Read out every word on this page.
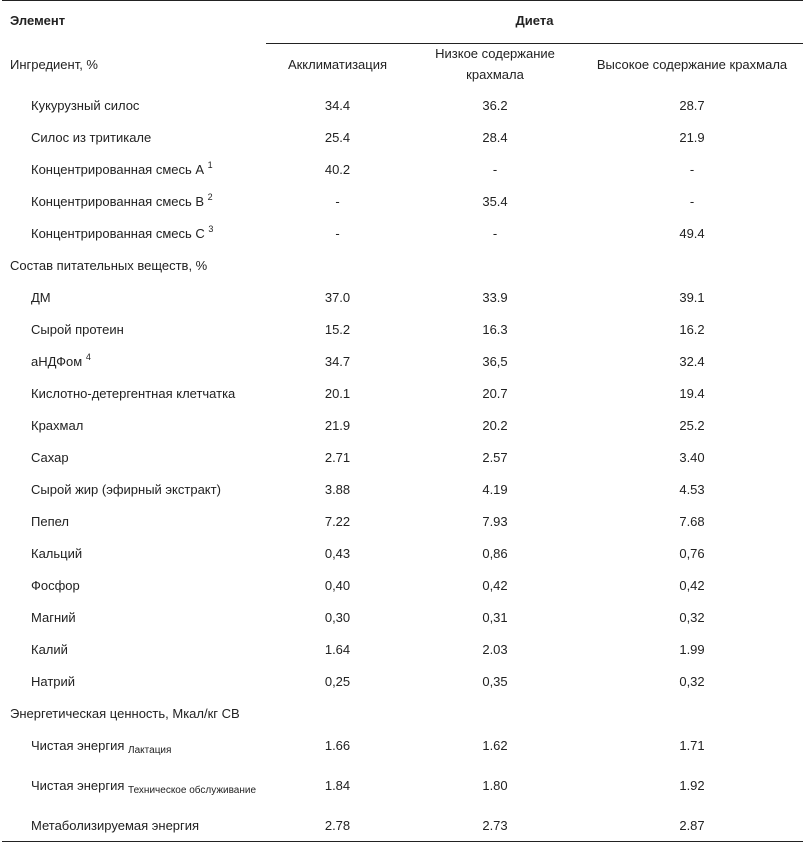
Элемент	Диета		
Ингредиент, %	Акклиматизация	Низкое содержание крахмала	Высокое содержание крахмала
Кукурузный силос	34.4	36.2	28.7
Силос из тритикале	25.4	28.4	21.9
Концентрированная смесь А $^1$	40.2	-	-
Концентрированная смесь В $^2$	-	35.4	-
Концентрированная смесь С $^3$	-	-	49.4
Состав питательных веществ, %			
ДМ	37.0	33.9	39.1
Сырой протеин	15.2	16.3	16.2
аНДФом $^4$	34.7	36,5	32.4
Кислотно-детергентная клетчатка	20.1	20.7	19.4
Крахмал	21.9	20.2	25.2
Сахар	2.71	2.57	3.40
Сырой жир (эфирный экстракт)	3.88	4.19	4.53
Пепел	7.22	7.93	7.68
Кальций	0,43	0,86	0,76
Фосфор	0,40	0,42	0,42
Магний	0,30	0,31	0,32
Калий	1.64	2.03	1.99
Натрий	0,25	0,35	0,32
Энергетическая ценность, Мкал/кг СВ			
Чистая энергия $_{Лактация}$	1.66	1.62	1.71
Чистая энергия $_{Техническое обслуживание}$	1.84	1.80	1.92
Метаболизируемая энергия	2.78	2.73	2.87
